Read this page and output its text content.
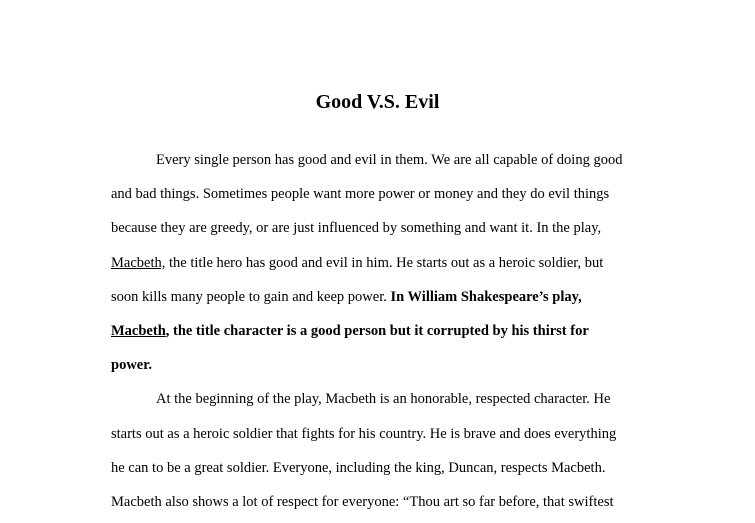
Good V.S. Evil
Every single person has good and evil in them. We are all capable of doing good
and bad things. Sometimes people want more power or money and they do evil things
because they are greedy, or are just influenced by something and want it. In the play,
Macbeth, the title hero has good and evil in him. He starts out as a heroic soldier, but
soon kills many people to gain and keep power. In William Shakespeare’s play,
Macbeth, the title character is a good person but it corrupted by his thirst for
power.
At the beginning of the play, Macbeth is an honorable, respected character. He
starts out as a heroic soldier that fights for his country. He is brave and does everything
he can to be a great soldier. Everyone, including the king, Duncan, respects Macbeth.
Macbeth also shows a lot of respect for everyone: “Thou art so far before, that swiftest
